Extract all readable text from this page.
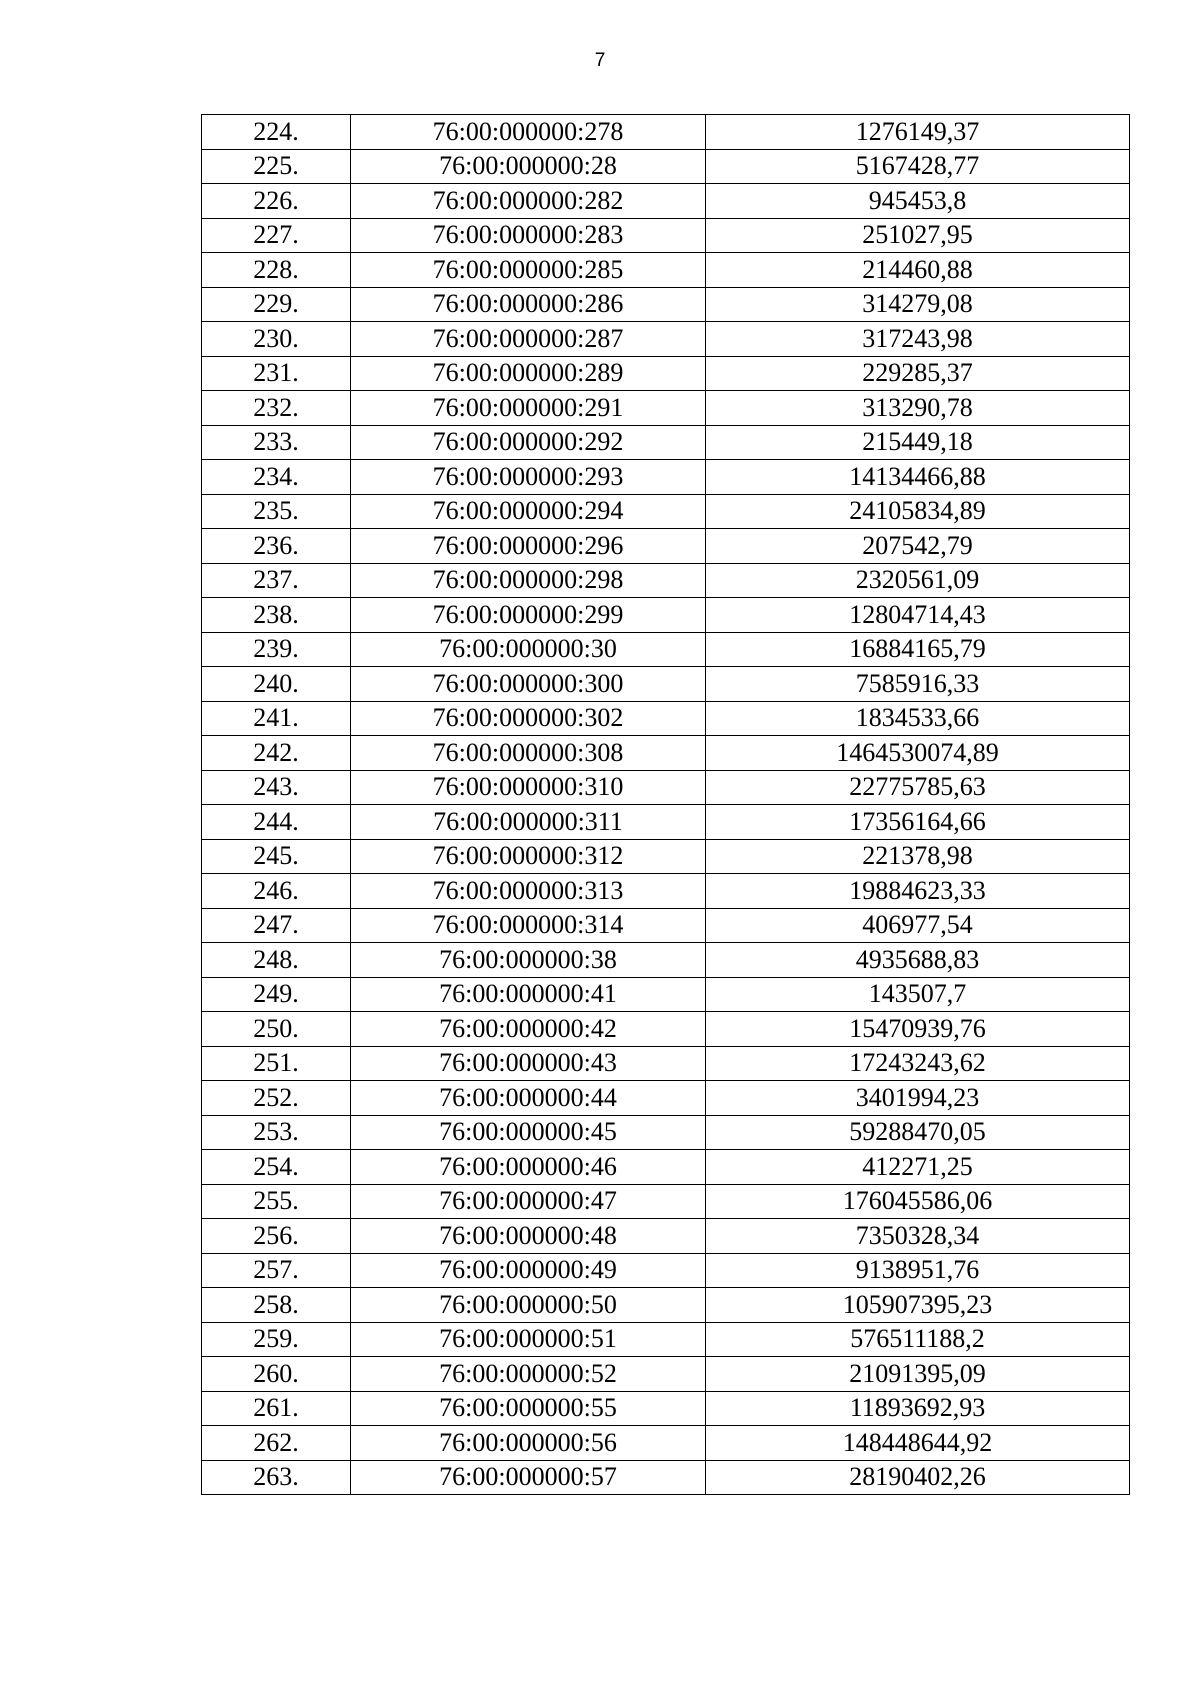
7
224.	76:00:000000:278	1276149,37
225.	76:00:000000:28	5167428,77
226.	76:00:000000:282	945453,8
227.	76:00:000000:283	251027,95
228.	76:00:000000:285	214460,88
229.	76:00:000000:286	314279,08
230.	76:00:000000:287	317243,98
231.	76:00:000000:289	229285,37
232.	76:00:000000:291	313290,78
233.	76:00:000000:292	215449,18
234.	76:00:000000:293	14134466,88
235.	76:00:000000:294	24105834,89
236.	76:00:000000:296	207542,79
237.	76:00:000000:298	2320561,09
238.	76:00:000000:299	12804714,43
239.	76:00:000000:30	16884165,79
240.	76:00:000000:300	7585916,33
241.	76:00:000000:302	1834533,66
242.	76:00:000000:308	1464530074,89
243.	76:00:000000:310	22775785,63
244.	76:00:000000:311	17356164,66
245.	76:00:000000:312	221378,98
246.	76:00:000000:313	19884623,33
247.	76:00:000000:314	406977,54
248.	76:00:000000:38	4935688,83
249.	76:00:000000:41	143507,7
250.	76:00:000000:42	15470939,76
251.	76:00:000000:43	17243243,62
252.	76:00:000000:44	3401994,23
253.	76:00:000000:45	59288470,05
254.	76:00:000000:46	412271,25
255.	76:00:000000:47	176045586,06
256.	76:00:000000:48	7350328,34
257.	76:00:000000:49	9138951,76
258.	76:00:000000:50	105907395,23
259.	76:00:000000:51	576511188,2
260.	76:00:000000:52	21091395,09
261.	76:00:000000:55	11893692,93
262.	76:00:000000:56	148448644,92
263.	76:00:000000:57	28190402,26
